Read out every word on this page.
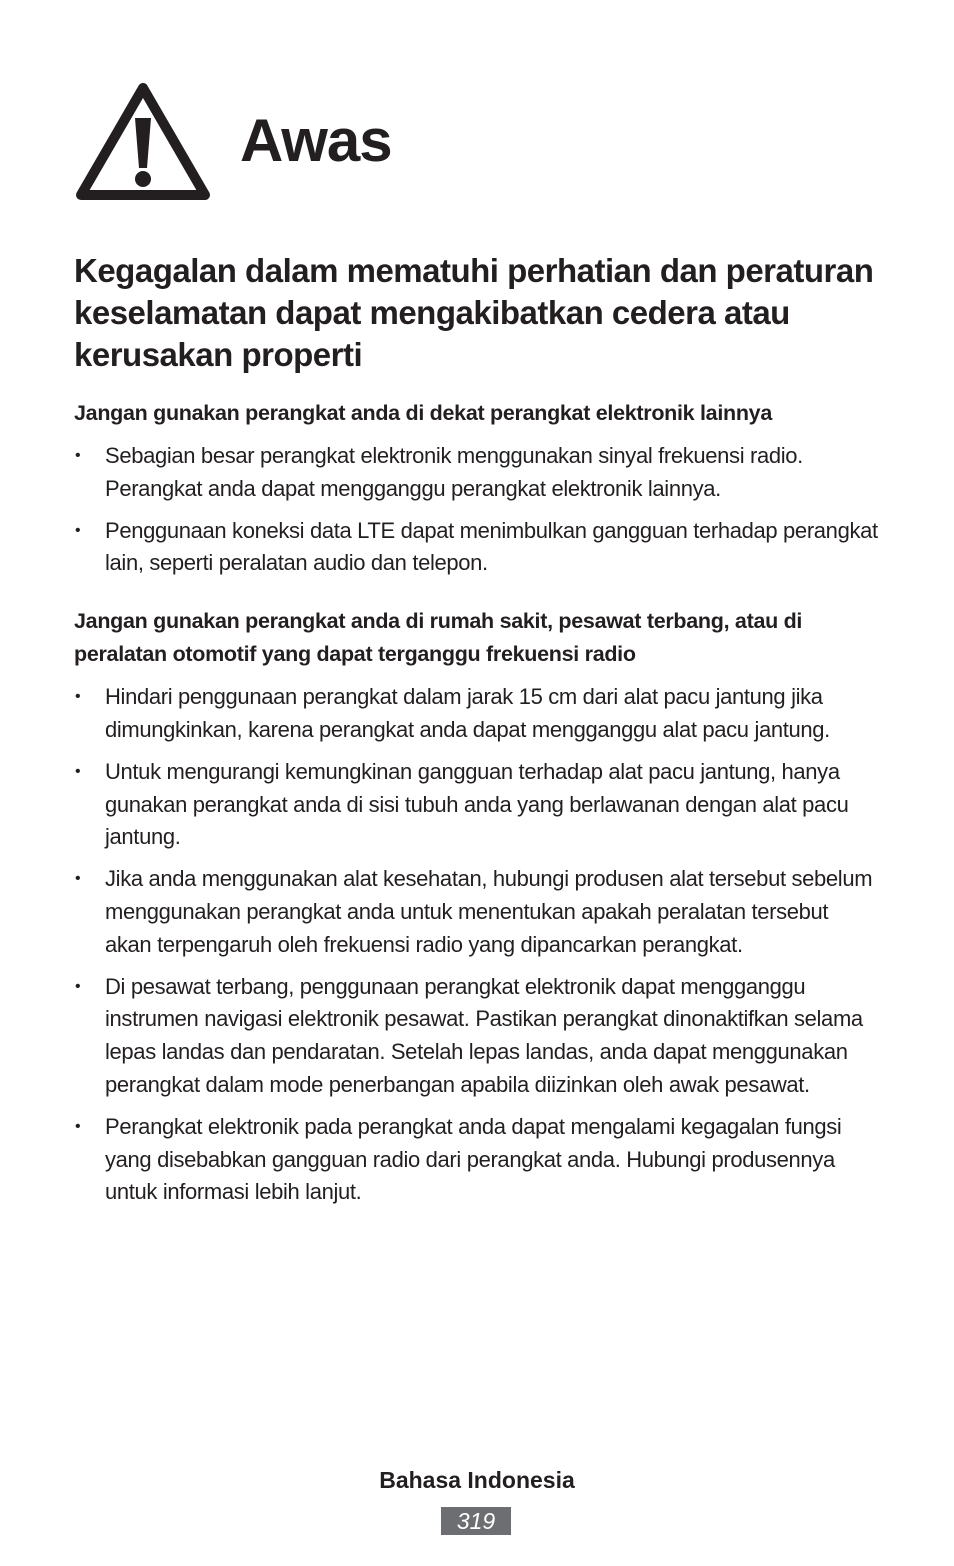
Awas
Kegagalan dalam mematuhi perhatian dan peraturan keselamatan dapat mengakibatkan cedera atau kerusakan properti
Jangan gunakan perangkat anda di dekat perangkat elektronik lainnya
• Sebagian besar perangkat elektronik menggunakan sinyal frekuensi radio. Perangkat anda dapat mengganggu perangkat elektronik lainnya.
• Penggunaan koneksi data LTE dapat menimbulkan gangguan terhadap perangkat lain, seperti peralatan audio dan telepon.
Jangan gunakan perangkat anda di rumah sakit, pesawat terbang, atau di peralatan otomotif yang dapat terganggu frekuensi radio
• Hindari penggunaan perangkat dalam jarak 15 cm dari alat pacu jantung jika dimungkinkan, karena perangkat anda dapat mengganggu alat pacu jantung.
• Untuk mengurangi kemungkinan gangguan terhadap alat pacu jantung, hanya gunakan perangkat anda di sisi tubuh anda yang berlawanan dengan alat pacu jantung.
• Jika anda menggunakan alat kesehatan, hubungi produsen alat tersebut sebelum menggunakan perangkat anda untuk menentukan apakah peralatan tersebut akan terpengaruh oleh frekuensi radio yang dipancarkan perangkat.
• Di pesawat terbang, penggunaan perangkat elektronik dapat mengganggu instrumen navigasi elektronik pesawat. Pastikan perangkat dinonaktifkan selama lepas landas dan pendaratan. Setelah lepas landas, anda dapat menggunakan perangkat dalam mode penerbangan apabila diizinkan oleh awak pesawat.
• Perangkat elektronik pada perangkat anda dapat mengalami kegagalan fungsi yang disebabkan gangguan radio dari perangkat anda. Hubungi produsennya untuk informasi lebih lanjut.
Bahasa Indonesia
319
